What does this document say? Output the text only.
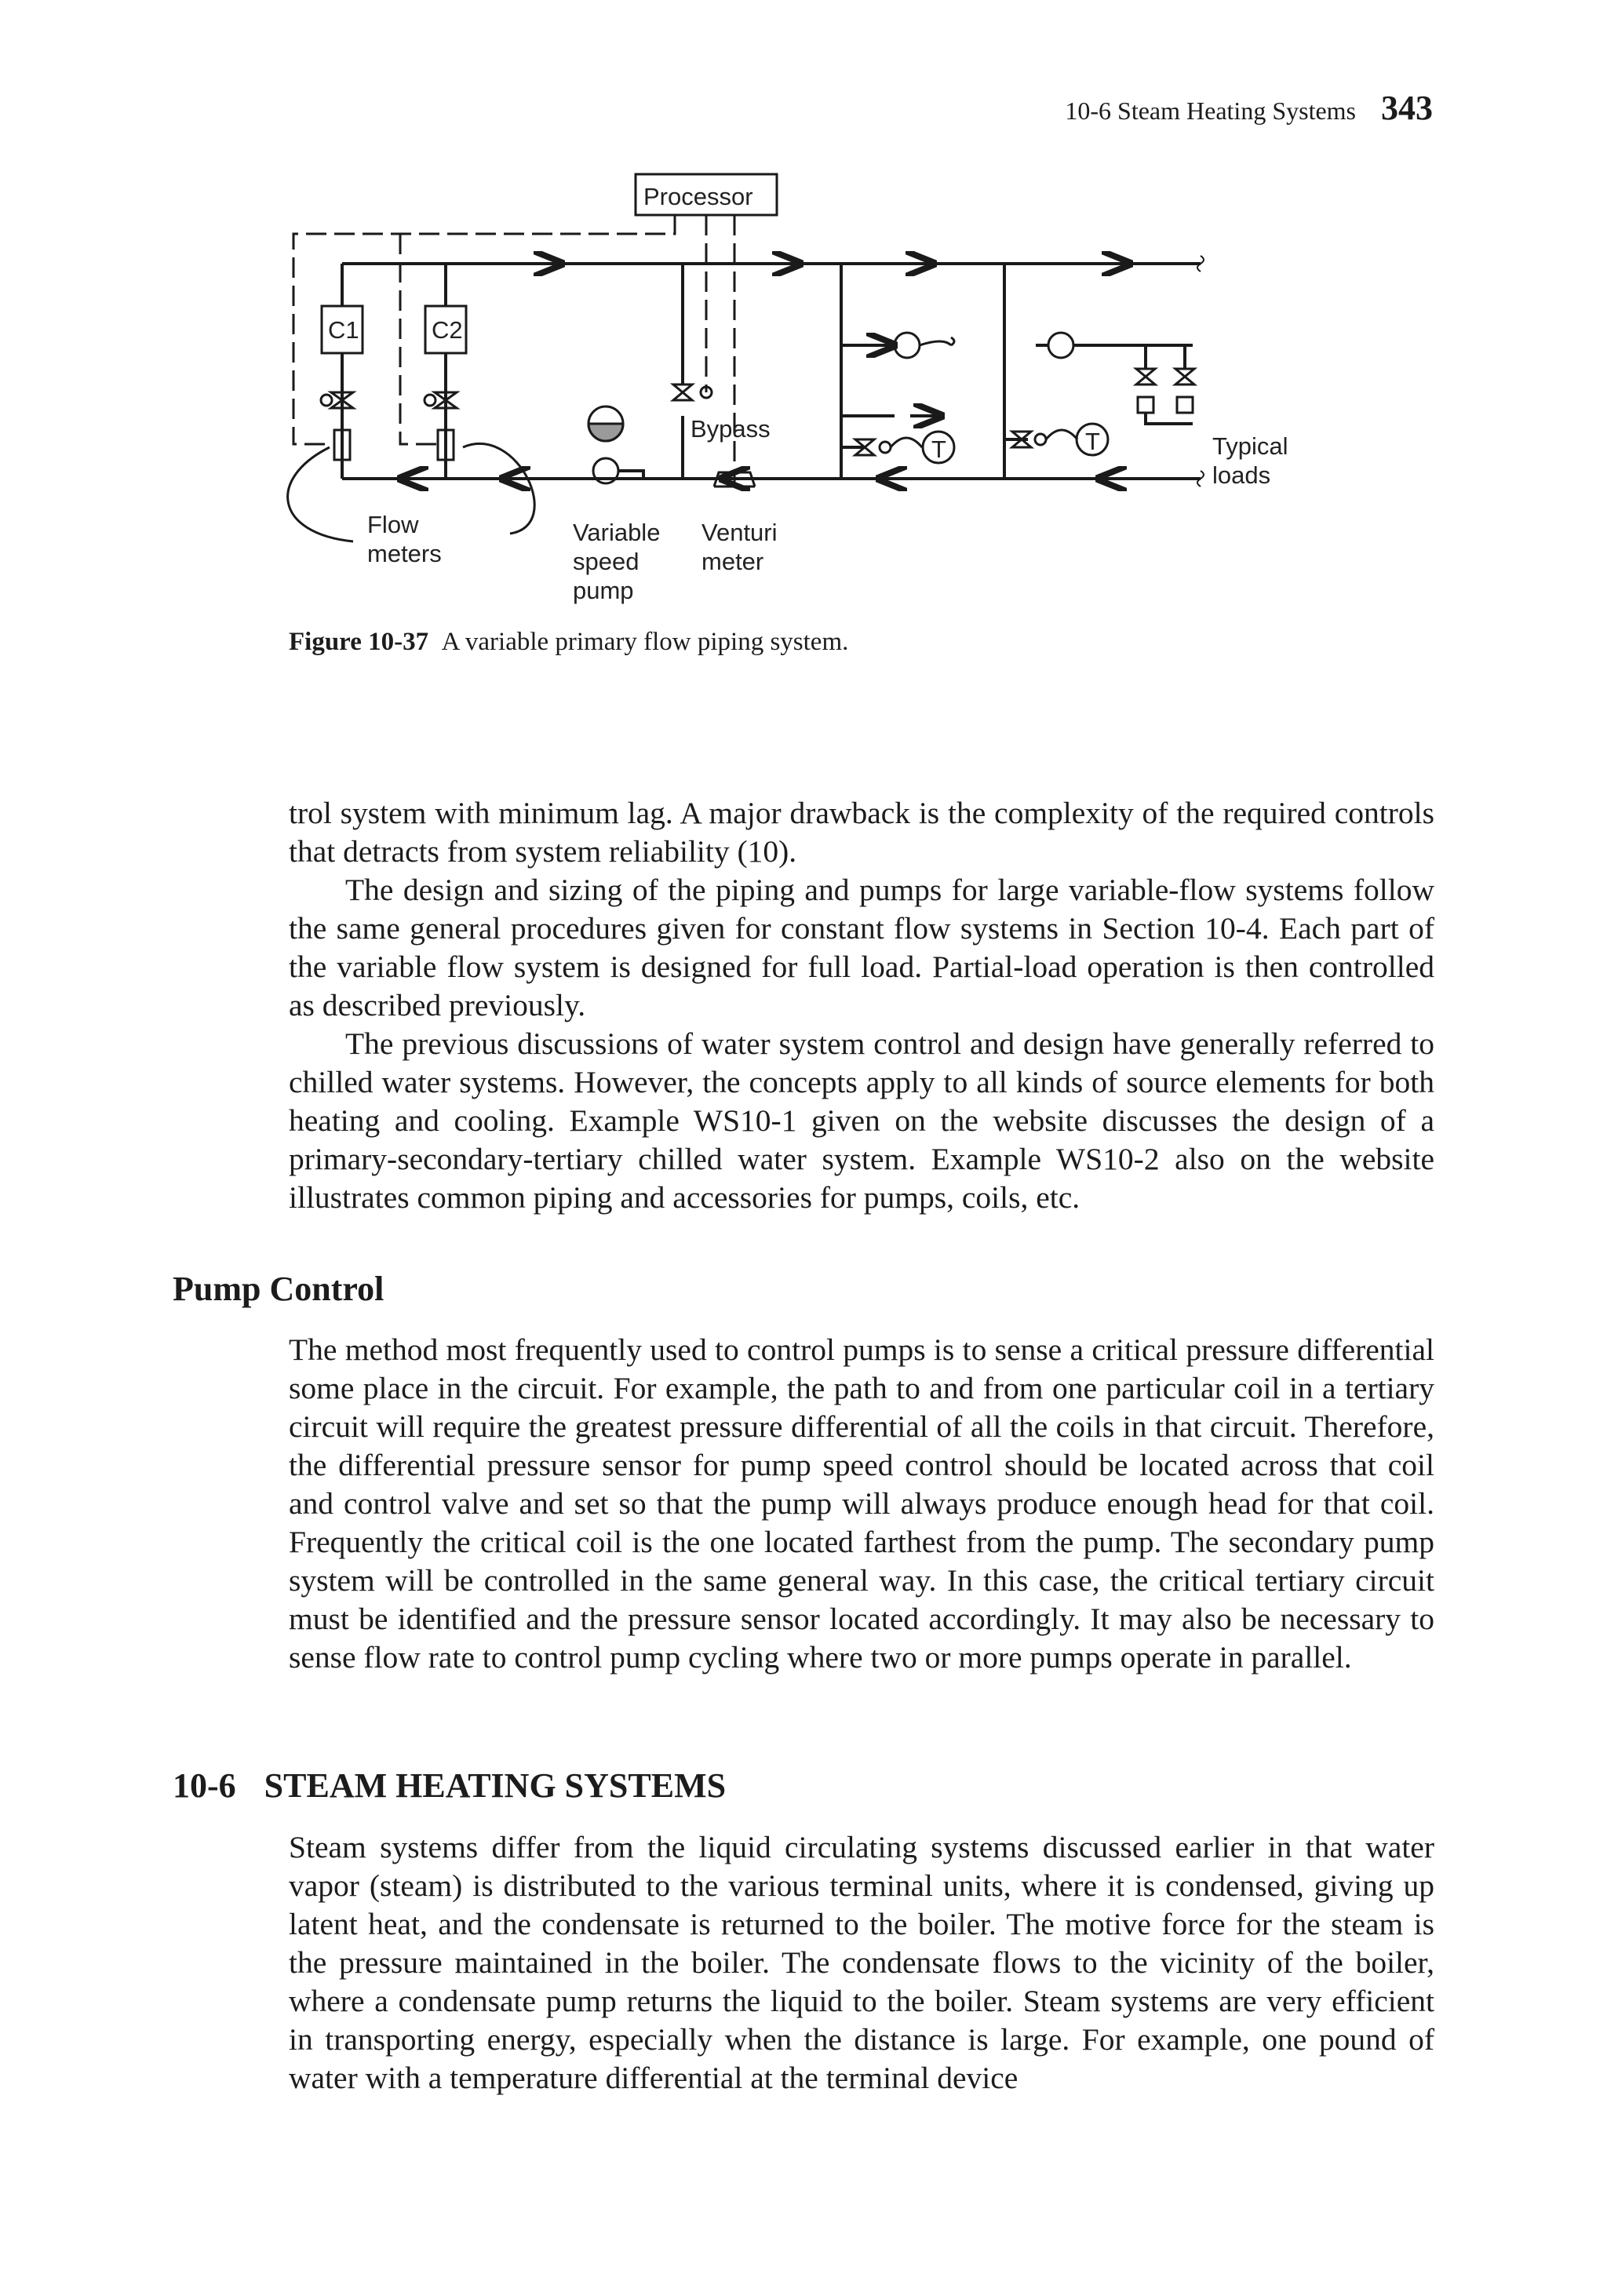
10-6 Steam Heating Systems 343
Processor
C1	C2
Bypass
Typical
loads
Flow
meters
Variable
speed
pump
Venturi
meter
T	T
Figure 10-37 A variable primary flow piping system.

trol system with minimum lag. A major drawback is the complexity of the required controls that detracts from system reliability (10).

The design and sizing of the piping and pumps for large variable-flow systems follow the same general procedures given for constant flow systems in Section 10-4. Each part of the variable flow system is designed for full load. Partial-load operation is then controlled as described previously.

The previous discussions of water system control and design have generally referred to chilled water systems. However, the concepts apply to all kinds of source elements for both heating and cooling. Example WS10-1 given on the website discusses the design of a primary-secondary-tertiary chilled water system. Example WS10-2 also on the website illustrates common piping and accessories for pumps, coils, etc.

Pump Control

The method most frequently used to control pumps is to sense a critical pressure differential some place in the circuit. For example, the path to and from one particular coil in a tertiary circuit will require the greatest pressure differential of all the coils in that circuit. Therefore, the differential pressure sensor for pump speed control should be located across that coil and control valve and set so that the pump will always produce enough head for that coil. Frequently the critical coil is the one located farthest from the pump. The secondary pump system will be controlled in the same general way. In this case, the critical tertiary circuit must be identified and the pressure sensor located accordingly. It may also be necessary to sense flow rate to control pump cycling where two or more pumps operate in parallel.

10-6 STEAM HEATING SYSTEMS

Steam systems differ from the liquid circulating systems discussed earlier in that water vapor (steam) is distributed to the various terminal units, where it is condensed, giving up latent heat, and the condensate is returned to the boiler. The motive force for the steam is the pressure maintained in the boiler. The condensate flows to the vicinity of the boiler, where a condensate pump returns the liquid to the boiler. Steam systems are very efficient in transporting energy, especially when the distance is large. For example, one pound of water with a temperature differential at the terminal device
